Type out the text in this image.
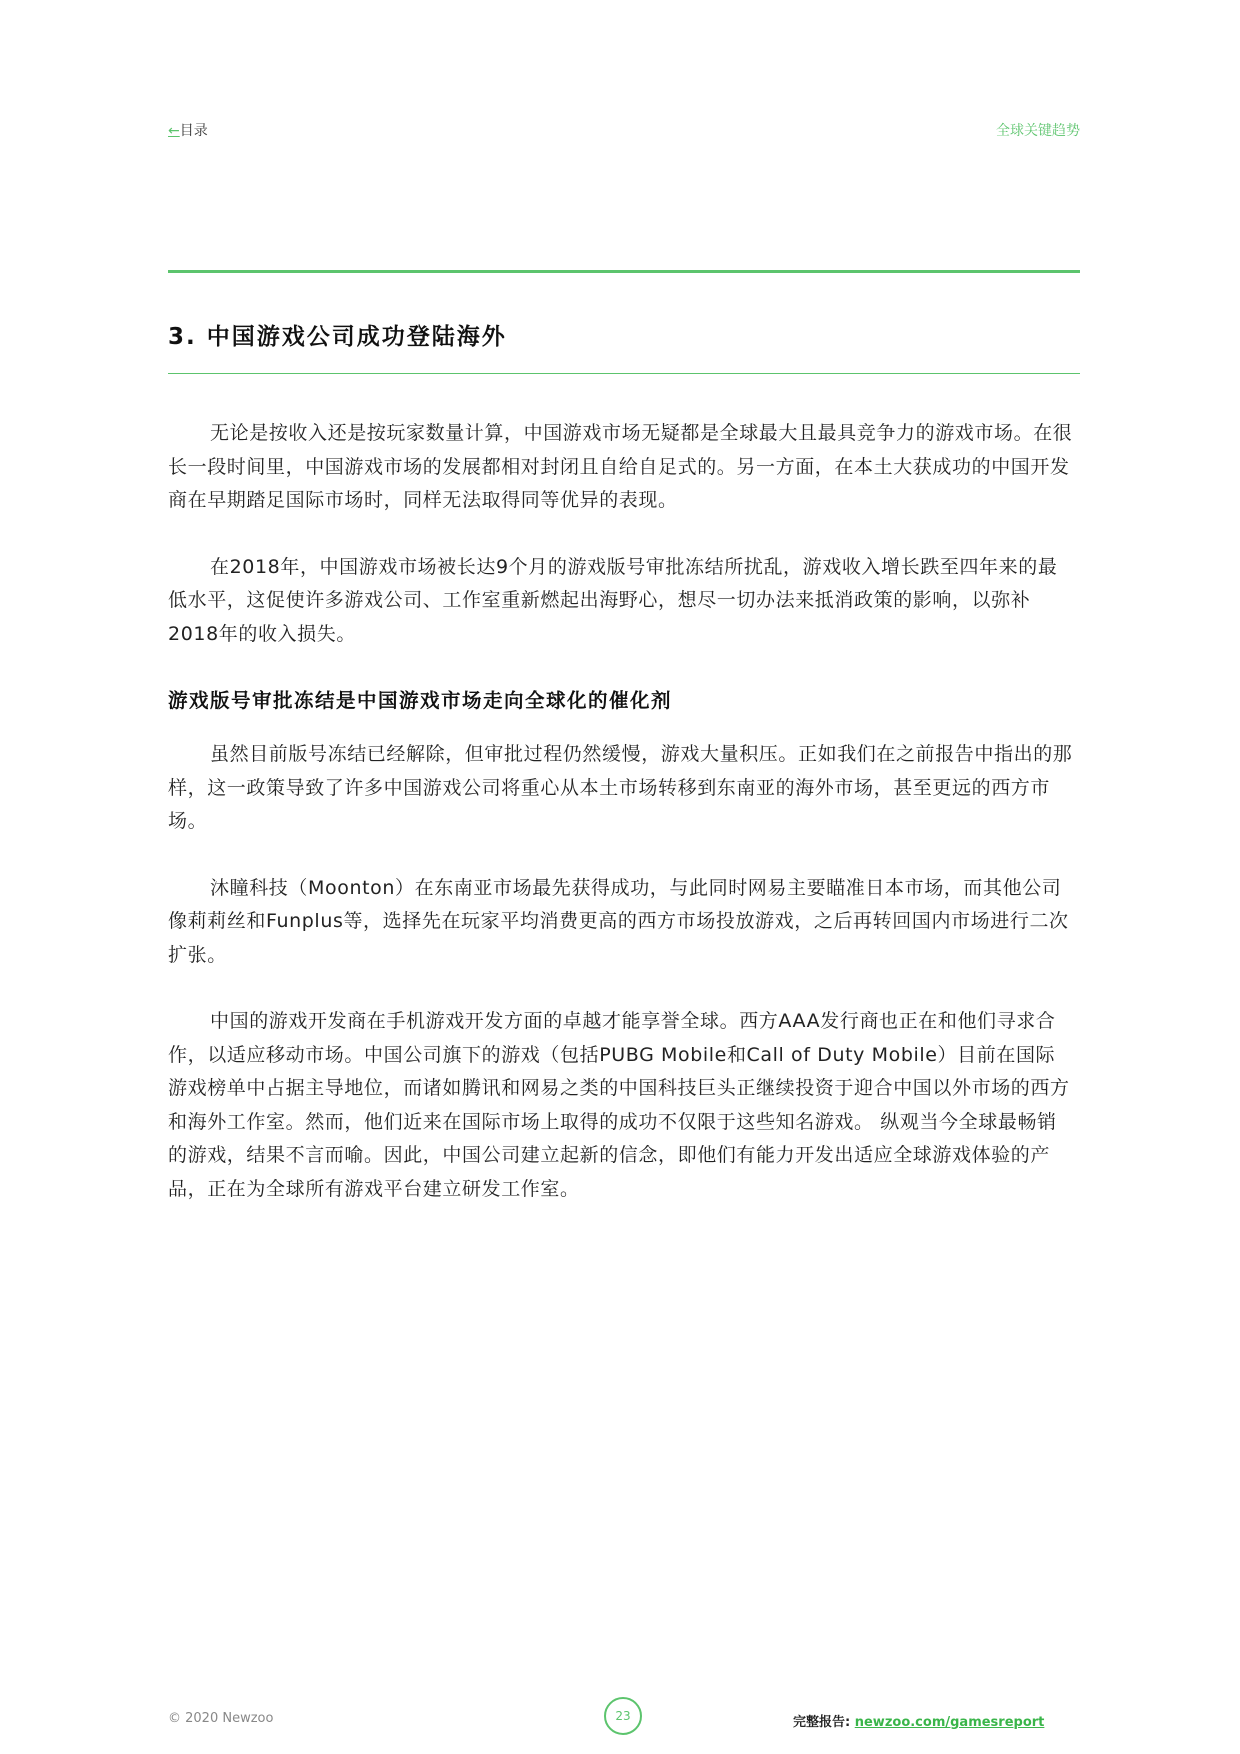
←目录	全球关键趋势
3. 中国游戏公司成功登陆海外

无论是按收入还是按玩家数量计算，中国游戏市场无疑都是全球最大且最具竞争力的游戏市场。在很长一段时间里，中国游戏市场的发展都相对封闭且自给自足式的。另一方面，在本土大获成功的中国开发商在早期踏足国际市场时，同样无法取得同等优异的表现。

在2018年，中国游戏市场被长达9个月的游戏版号审批冻结所扰乱，游戏收入增长跌至四年来的最低水平，这促使许多游戏公司、工作室重新燃起出海野心，想尽一切办法来抵消政策的影响，以弥补2018年的收入损失。

游戏版号审批冻结是中国游戏市场走向全球化的催化剂

虽然目前版号冻结已经解除，但审批过程仍然缓慢，游戏大量积压。正如我们在之前报告中指出的那样，这一政策导致了许多中国游戏公司将重心从本土市场转移到东南亚的海外市场，甚至更远的西方市场。

沐瞳科技（Moonton）在东南亚市场最先获得成功，与此同时网易主要瞄准日本市场，而其他公司像莉莉丝和Funplus等，选择先在玩家平均消费更高的西方市场投放游戏，之后再转回国内市场进行二次扩张。

中国的游戏开发商在手机游戏开发方面的卓越才能享誉全球。西方AAA发行商也正在和他们寻求合作，以适应移动市场。中国公司旗下的游戏（包括PUBG Mobile和Call of Duty Mobile）目前在国际游戏榜单中占据主导地位，而诸如腾讯和网易之类的中国科技巨头正继续投资于迎合中国以外市场的西方和海外工作室。然而，他们近来在国际市场上取得的成功不仅限于这些知名游戏。 纵观当今全球最畅销的游戏，结果不言而喻。因此，中国公司建立起新的信念，即他们有能力开发出适应全球游戏体验的产品，正在为全球所有游戏平台建立研发工作室。

© 2020 Newzoo	23	完整报告: newzoo.com/gamesreport
